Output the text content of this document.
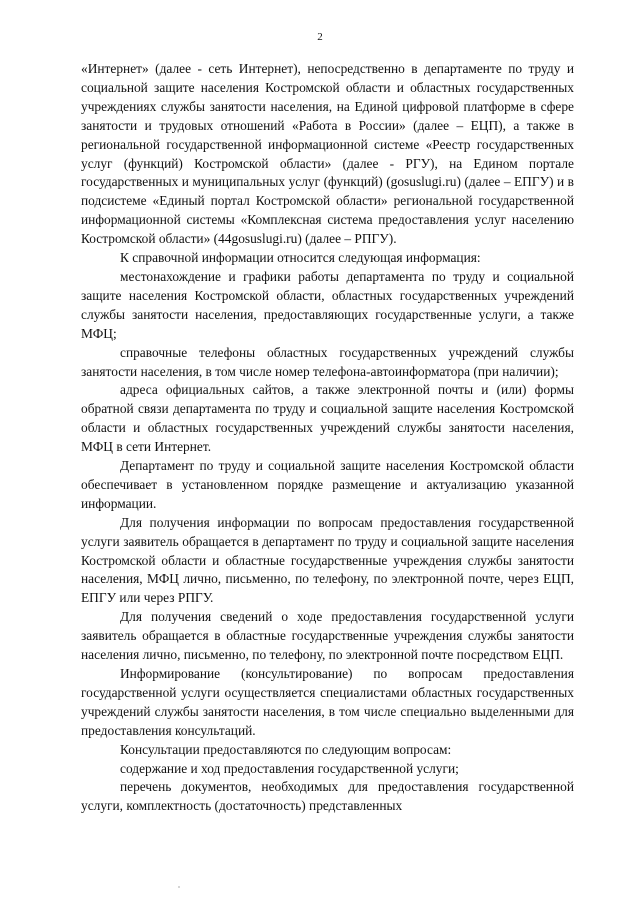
2

«Интернет» (далее - сеть Интернет), непосредственно в департаменте по труду и социальной защите населения Костромской области и областных государственных учреждениях службы занятости населения, на Единой цифровой платформе в сфере занятости и трудовых отношений «Работа в России» (далее – ЕЦП), а также в региональной государственной информационной системе «Реестр государственных услуг (функций) Костромской области» (далее - РГУ), на Едином портале государственных и муниципальных услуг (функций) (gosuslugi.ru) (далее – ЕПГУ) и в подсистеме «Единый портал Костромской области» региональной государственной информационной системы «Комплексная система предоставления услуг населению Костромской области» (44gosuslugi.ru) (далее – РПГУ).

К справочной информации относится следующая информация:

местонахождение и графики работы департамента по труду и социальной защите населения Костромской области, областных государственных учреждений службы занятости населения, предоставляющих государственные услуги, а также МФЦ;

справочные телефоны областных государственных учреждений службы занятости населения, в том числе номер телефона-автоинформатора (при наличии);

адреса официальных сайтов, а также электронной почты и (или) формы обратной связи департамента по труду и социальной защите населения Костромской области и областных государственных учреждений службы занятости населения, МФЦ в сети Интернет.

Департамент по труду и социальной защите населения Костромской области обеспечивает в установленном порядке размещение и актуализацию указанной информации.

Для получения информации по вопросам предоставления государственной услуги заявитель обращается в департамент по труду и социальной защите населения Костромской области и областные государственные учреждения службы занятости населения, МФЦ лично, письменно, по телефону, по электронной почте, через ЕЦП, ЕПГУ или через РПГУ.

Для получения сведений о ходе предоставления государственной услуги заявитель обращается в областные государственные учреждения службы занятости населения лично, письменно, по телефону, по электронной почте посредством ЕЦП.

Информирование (консультирование) по вопросам предоставления государственной услуги осуществляется специалистами областных государственных учреждений службы занятости населения, в том числе специально выделенными для предоставления консультаций.

Консультации предоставляются по следующим вопросам:

содержание и ход предоставления государственной услуги;

перечень документов, необходимых для предоставления государственной услуги, комплектность (достаточность) представленных
